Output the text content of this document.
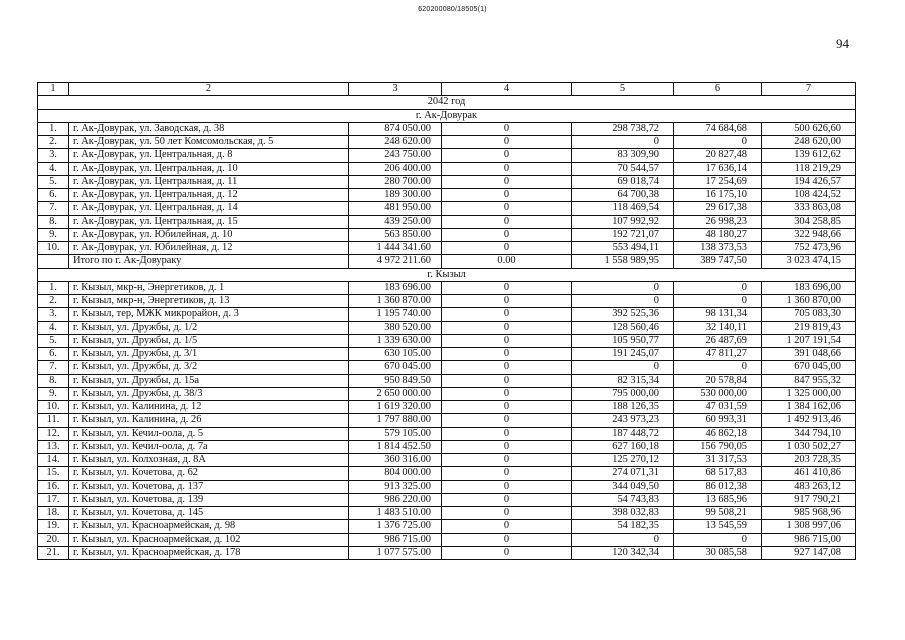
620200080/18505(1)
94
1	2	3	4	5	6	7
2042 год						
г. Ак-Довурак						
1.	г. Ак-Довурак, ул. Заводская, д. 38	874 050.00	0	298 738,72	74 684,68	500 626,60
2.	г. Ак-Довурак, ул. 50 лет Комсомольская, д. 5	248 620.00	0	0	0	248 620,00
3.	г. Ак-Довурак, ул. Центральная, д. 8	243 750.00	0	83 309,90	20 827,48	139 612,62
4.	г. Ак-Довурак, ул. Центральная, д. 10	206 400.00	0	70 544,57	17 636,14	118 219,29
5.	г. Ак-Довурак, ул. Центральная, д. 11	280 700.00	0	69 018,74	17 254,69	194 426,57
6.	г. Ак-Довурак, ул. Центральная, д. 12	189 300.00	0	64 700,38	16 175,10	108 424,52
7.	г. Ак-Довурак, ул. Центральная, д. 14	481 950.00	0	118 469,54	29 617,38	333 863,08
8.	г. Ак-Довурак, ул. Центральная, д. 15	439 250.00	0	107 992,92	26 998,23	304 258,85
9.	г. Ак-Довурак, ул. Юбилейная, д. 10	563 850.00	0	192 721,07	48 180,27	322 948,66
10.	г. Ак-Довурак, ул. Юбилейная, д. 12	1 444 341.60	0	553 494,11	138 373,53	752 473,96
	Итого по г. Ак-Довураку	4 972 211.60	0.00	1 558 989,95	389 747,50	3 023 474,15
г. Кызыл						
1.	г. Кызыл, мкр-н, Энергетиков, д. 1	183 696.00	0	0	0	183 696,00
2.	г. Кызыл, мкр-н, Энергетиков, д. 13	1 360 870.00	0	0	0	1 360 870,00
3.	г. Кызыл, тер, МЖК микрорайон, д. 3	1 195 740.00	0	392 525,36	98 131,34	705 083,30
4.	г. Кызыл, ул. Дружбы, д. 1/2	380 520.00	0	128 560,46	32 140,11	219 819,43
5.	г. Кызыл, ул. Дружбы, д. 1/5	1 339 630.00	0	105 950,77	26 487,69	1 207 191,54
6.	г. Кызыл, ул. Дружбы, д. 3/1	630 105.00	0	191 245,07	47 811,27	391 048,66
7.	г. Кызыл, ул. Дружбы, д. 3/2	670 045.00	0	0	0	670 045,00
8.	г. Кызыл, ул. Дружбы, д. 15а	950 849.50	0	82 315,34	20 578,84	847 955,32
9.	г. Кызыл, ул. Дружбы, д. 38/3	2 650 000.00	0	795 000,00	530 000,00	1 325 000,00
10.	г. Кызыл, ул. Калинина, д. 12	1 619 320.00	0	188 126,35	47 031,59	1 384 162,06
11.	г. Кызыл, ул. Калинина, д. 26	1 797 880.00	0	243 973,23	60 993,31	1 492 913,46
12.	г. Кызыл, ул. Кечил-оола, д. 5	579 105.00	0	187 448,72	46 862,18	344 794,10
13.	г. Кызыл, ул. Кечил-оола, д. 7а	1 814 452.50	0	627 160,18	156 790,05	1 030 502,27
14.	г. Кызыл, ул. Колхозная, д. 8А	360 316.00	0	125 270,12	31 317,53	203 728,35
15.	г. Кызыл, ул. Кочетова, д. 62	804 000.00	0	274 071,31	68 517,83	461 410,86
16.	г. Кызыл, ул. Кочетова, д. 137	913 325.00	0	344 049,50	86 012,38	483 263,12
17.	г. Кызыл, ул. Кочетова, д. 139	986 220.00	0	54 743,83	13 685,96	917 790,21
18.	г. Кызыл, ул. Кочетова, д. 145	1 483 510.00	0	398 032,83	99 508,21	985 968,96
19.	г. Кызыл, ул. Красноармейская, д. 98	1 376 725.00	0	54 182,35	13 545,59	1 308 997,06
20.	г. Кызыл, ул. Красноармейская, д. 102	986 715.00	0	0	0	986 715,00
21.	г. Кызыл, ул. Красноармейская, д. 178	1 077 575.00	0	120 342,34	30 085,58	927 147,08
